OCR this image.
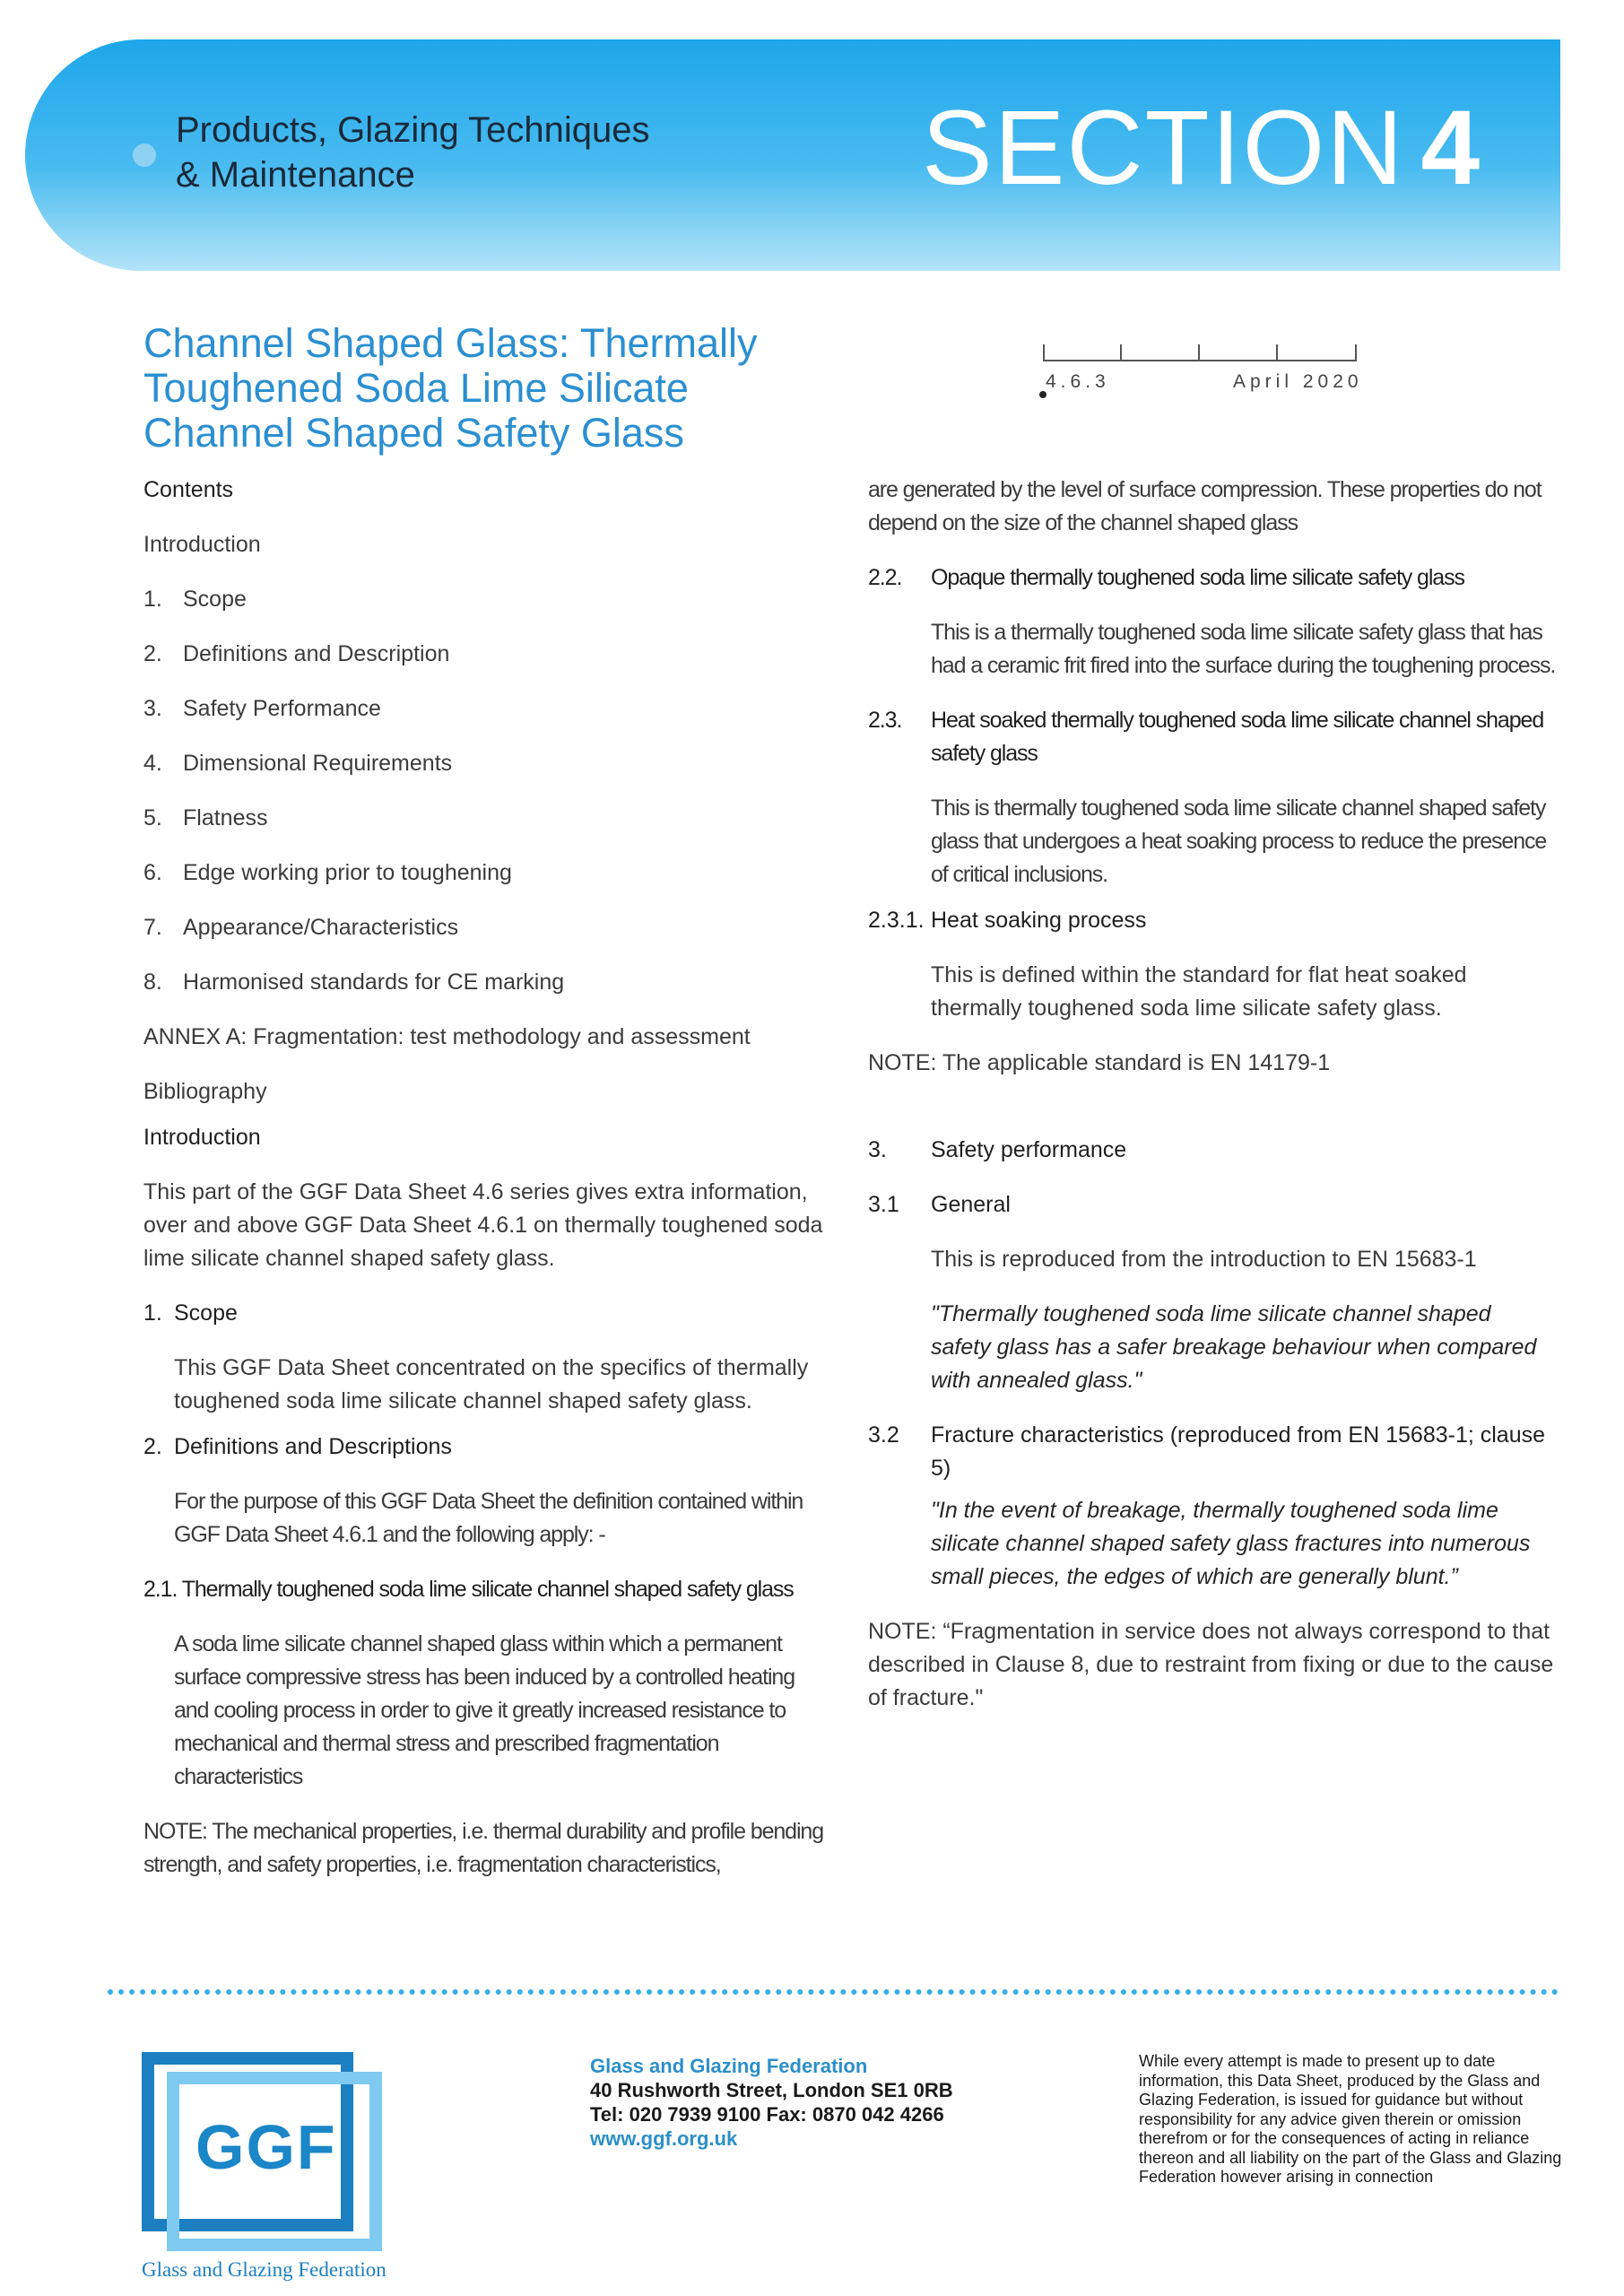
Products, Glazing Techniques
& Maintenance	SECTION 4
Channel Shaped Glass: Thermally
Toughened Soda Lime Silicate
Channel Shaped Safety Glass
4.6.3	April 2020

Contents

Introduction

1. Scope

2. Definitions and Description

3. Safety Performance

4. Dimensional Requirements

5. Flatness

6. Edge working prior to toughening

7. Appearance/Characteristics

8. Harmonised standards for CE marking

ANNEX A: Fragmentation: test methodology and assessment

Bibliography

Introduction

This part of the GGF Data Sheet 4.6 series gives extra information, over and above GGF Data Sheet 4.6.1 on thermally toughened soda lime silicate channel shaped safety glass.

1. Scope

This GGF Data Sheet concentrated on the specifics of thermally toughened soda lime silicate channel shaped safety glass.

2. Definitions and Descriptions

For the purpose of this GGF Data Sheet the definition contained within GGF Data Sheet 4.6.1 and the following apply: -

2.1. Thermally toughened soda lime silicate channel shaped safety glass

A soda lime silicate channel shaped glass within which a permanent surface compressive stress has been induced by a controlled heating and cooling process in order to give it greatly increased resistance to mechanical and thermal stress and prescribed fragmentation characteristics

NOTE: The mechanical properties, i.e. thermal durability and profile bending strength, and safety properties, i.e. fragmentation characteristics,

are generated by the level of surface compression. These properties do not depend on the size of the channel shaped glass

2.2. Opaque thermally toughened soda lime silicate safety glass

This is a thermally toughened soda lime silicate safety glass that has had a ceramic frit fired into the surface during the toughening process.

2.3.	Heat soaked thermally toughened soda lime silicate channel shaped safety glass

This is thermally toughened soda lime silicate channel shaped safety glass that undergoes a heat soaking process to reduce the presence of critical inclusions.

2.3.1. Heat soaking process

This is defined within the standard for flat heat soaked thermally toughened soda lime silicate safety glass.

NOTE: The applicable standard is EN 14179-1

3. Safety performance

3.1 General

This is reproduced from the introduction to EN 15683-1

"Thermally toughened soda lime silicate channel shaped safety glass has a safer breakage behaviour when compared with annealed glass."

3.2	Fracture characteristics (reproduced from EN 15683-1; clause 5)

"In the event of breakage, thermally toughened soda lime silicate channel shaped safety glass fractures into numerous small pieces, the edges of which are generally blunt.”

NOTE: “Fragmentation in service does not always correspond to that described in Clause 8, due to restraint from fixing or due to the cause of fracture."

GGF
Glass and Glazing Federation
Glass and Glazing Federation
40 Rushworth Street, London SE1 0RB
Tel: 020 7939 9100 Fax: 0870 042 4266
www.ggf.org.uk
While every attempt is made to present up to date information, this Data Sheet, produced by the Glass and Glazing Federation, is issued for guidance but without responsibility for any advice given therein or omission therefrom or for the consequences of acting in reliance thereon and all liability on the part of the Glass and Glazing Federation however arising in connection
